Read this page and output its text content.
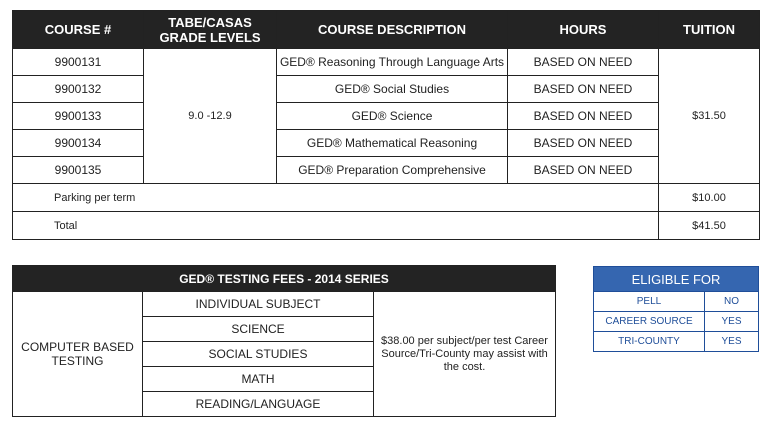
COURSE #	TABE/CASAS GRADE LEVELS	COURSE DESCRIPTION	HOURS	TUITION
9900131	9.0 -12.9	GED® Reasoning Through Language Arts	BASED ON NEED	$31.50
9900132		GED® Social Studies	BASED ON NEED	
9900133		GED® Science	BASED ON NEED	
9900134		GED® Mathematical Reasoning	BASED ON NEED	
9900135		GED® Preparation Comprehensive	BASED ON NEED	
Parking per term				$10.00
Total				$41.50
GED® TESTING FEES - 2014 SERIES
COMPUTER BASED TESTING	INDIVIDUAL SUBJECT	$38.00 per subject/per test Career Source/Tri-County may assist with the cost.
SCIENCE
SOCIAL STUDIES
MATH
READING/LANGUAGE
ELIGIBLE FOR	
PELL	NO
CAREER SOURCE	YES
TRI-COUNTY	YES
